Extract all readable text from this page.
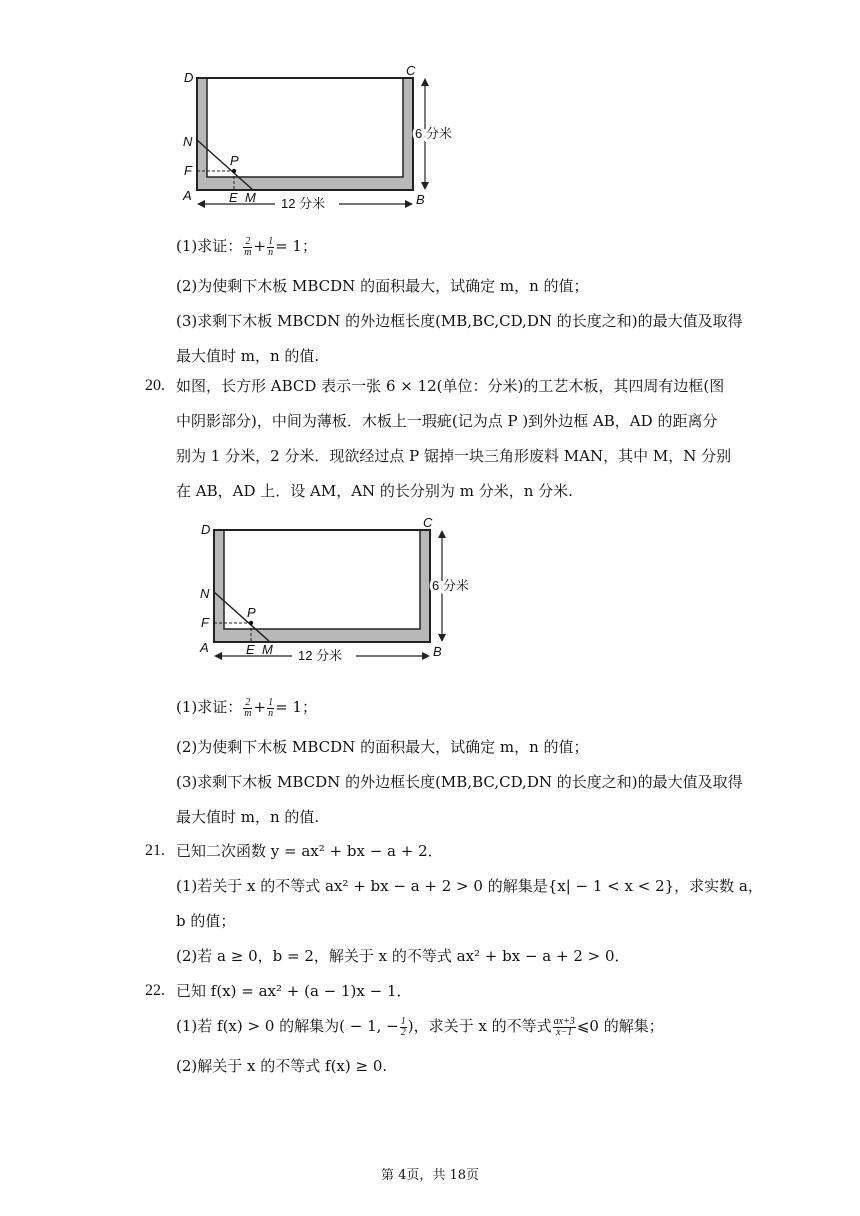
D	C
N
F
P
A	E M	B
6 分米
12 分米
(1)求证： $\frac{2}{m} + \frac{1}{n} = 1$；
(2)为使剩下木板 MBCDN 的面积最大，试确定 m，n 的值；
(3)求剩下木板 MBCDN 的外边框长度(MB,BC,CD,DN 的长度之和)的最大值及取得
最大值时 m，n 的值.
20. 如图，长方形 ABCD 表示一张 6 × 12(单位：分米)的工艺木板，其四周有边框(图
中阴影部分)，中间为薄板．木板上一瑕疵(记为点 P )到外边框 AB，AD 的距离分
别为 1 分米，2 分米．现欲经过点 P 锯掉一块三角形废料 MAN，其中 M，N 分别
在 AB，AD 上．设 AM，AN 的长分别为 m 分米，n 分米.
D	C
N
F
P
A	E M	B
6 分米
12 分米
(1)求证： $\frac{2}{m} + \frac{1}{n} = 1$；
(2)为使剩下木板 MBCDN 的面积最大，试确定 m，n 的值；
(3)求剩下木板 MBCDN 的外边框长度(MB,BC,CD,DN 的长度之和)的最大值及取得
最大值时 m，n 的值.
21. 已知二次函数 y = ax² + bx − a + 2．
(1)若关于 x 的不等式 ax² + bx − a + 2 > 0 的解集是{x| − 1 < x < 2}，求实数 a，
b 的值；
(2)若 a ≥ 0，b = 2，解关于 x 的不等式 ax² + bx − a + 2 > 0．
22. 已知 f(x) = ax² + (a − 1)x − 1．
(1)若 f(x) > 0 的解集为( − 1, − $\frac{1}{2}$ )，求关于 x 的不等式 $\frac{ax+3}{x-1}$ ⩽0 的解集；
(2)解关于 x 的不等式 f(x) ≥ 0.
第 4页，共 18页
